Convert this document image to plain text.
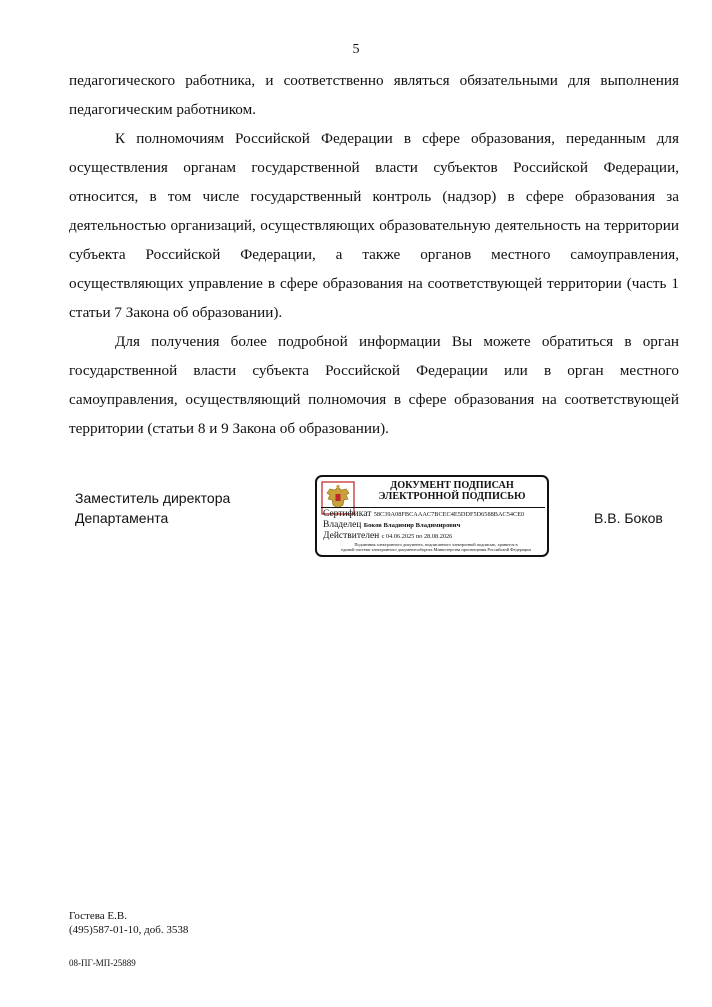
5

педагогического работника, и соответственно являться обязательными для выполнения педагогическим работником.

К полномочиям Российской Федерации в сфере образования, переданным для осуществления органам государственной власти субъектов Российской Федерации, относится, в том числе государственный контроль (надзор) в сфере образования за деятельностью организаций, осуществляющих образовательную деятельность на территории субъекта Российской Федерации, а также органов местного самоуправления, осуществляющих управление в сфере образования на соответствующей территории (часть 1 статьи 7 Закона об образовании).

Для получения более подробной информации Вы можете обратиться в орган государственной власти субъекта Российской Федерации или в орган местного самоуправления, осуществляющий полномочия в сфере образования на соответствующей территории (статьи 8 и 9 Закона об образовании).

Заместитель директора
Департамента
ДОКУМЕНТ ПОДПИСАН
ЭЛЕКТРОННОЙ ПОДПИСЬЮ
Сертификат 58C39A08FBCAAAC7BCEC4E5DDF5D6588BAC54CE0
Владелец Боков Владимир Владимирович
Действителен с 04.06.2025 по 28.08.2026
Подлинник электронного документа, подписанного электронной подписью, хранится в
единой системе электронного документооборота Министерства просвещения Российской Федерации
В.В. Боков
Гостева Е.В.
(495)587-01-10, доб. 3538
08-ПГ-МП-25889
